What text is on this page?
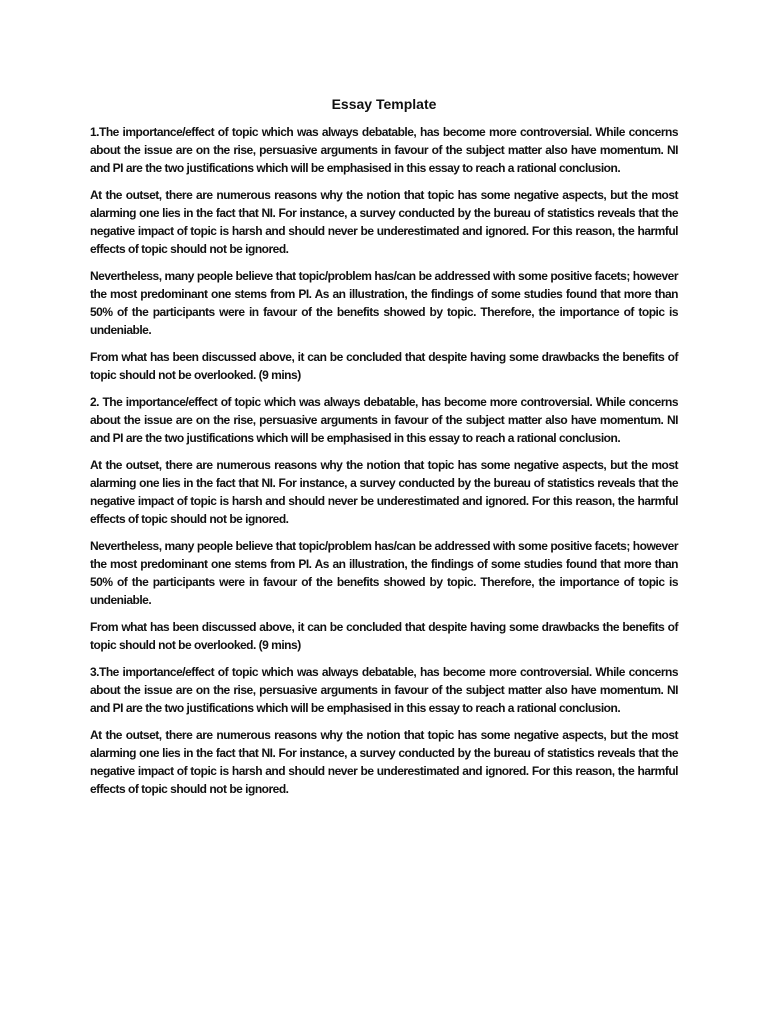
Essay Template

1.The importance/effect of topic which was always debatable, has become more controversial. While concerns about the issue are on the rise, persuasive arguments in favour of the subject matter also have momentum. NI and PI are the two justifications which will be emphasised in this essay to reach a rational conclusion.

At the outset, there are numerous reasons why the notion that topic has some negative aspects, but the most alarming one lies in the fact that NI. For instance, a survey conducted by the bureau of statistics reveals that the negative impact of topic is harsh and should never be underestimated and ignored. For this reason, the harmful effects of topic should not be ignored.

Nevertheless, many people believe that topic/problem has/can be addressed with some positive facets; however the most predominant one stems from PI. As an illustration, the findings of some studies found that more than 50% of the participants were in favour of the benefits showed by topic. Therefore, the importance of topic is undeniable.

From what has been discussed above, it can be concluded that despite having some drawbacks the benefits of topic should not be overlooked. (9 mins)

2. The importance/effect of topic which was always debatable, has become more controversial. While concerns about the issue are on the rise, persuasive arguments in favour of the subject matter also have momentum. NI and PI are the two justifications which will be emphasised in this essay to reach a rational conclusion.

At the outset, there are numerous reasons why the notion that topic has some negative aspects, but the most alarming one lies in the fact that NI. For instance, a survey conducted by the bureau of statistics reveals that the negative impact of topic is harsh and should never be underestimated and ignored. For this reason, the harmful effects of topic should not be ignored.

Nevertheless, many people believe that topic/problem has/can be addressed with some positive facets; however the most predominant one stems from PI. As an illustration, the findings of some studies found that more than 50% of the participants were in favour of the benefits showed by topic. Therefore, the importance of topic is undeniable.

From what has been discussed above, it can be concluded that despite having some drawbacks the benefits of topic should not be overlooked. (9 mins)

3.The importance/effect of topic which was always debatable, has become more controversial. While concerns about the issue are on the rise, persuasive arguments in favour of the subject matter also have momentum. NI and PI are the two justifications which will be emphasised in this essay to reach a rational conclusion.

At the outset, there are numerous reasons why the notion that topic has some negative aspects, but the most alarming one lies in the fact that NI. For instance, a survey conducted by the bureau of statistics reveals that the negative impact of topic is harsh and should never be underestimated and ignored. For this reason, the harmful effects of topic should not be ignored.
